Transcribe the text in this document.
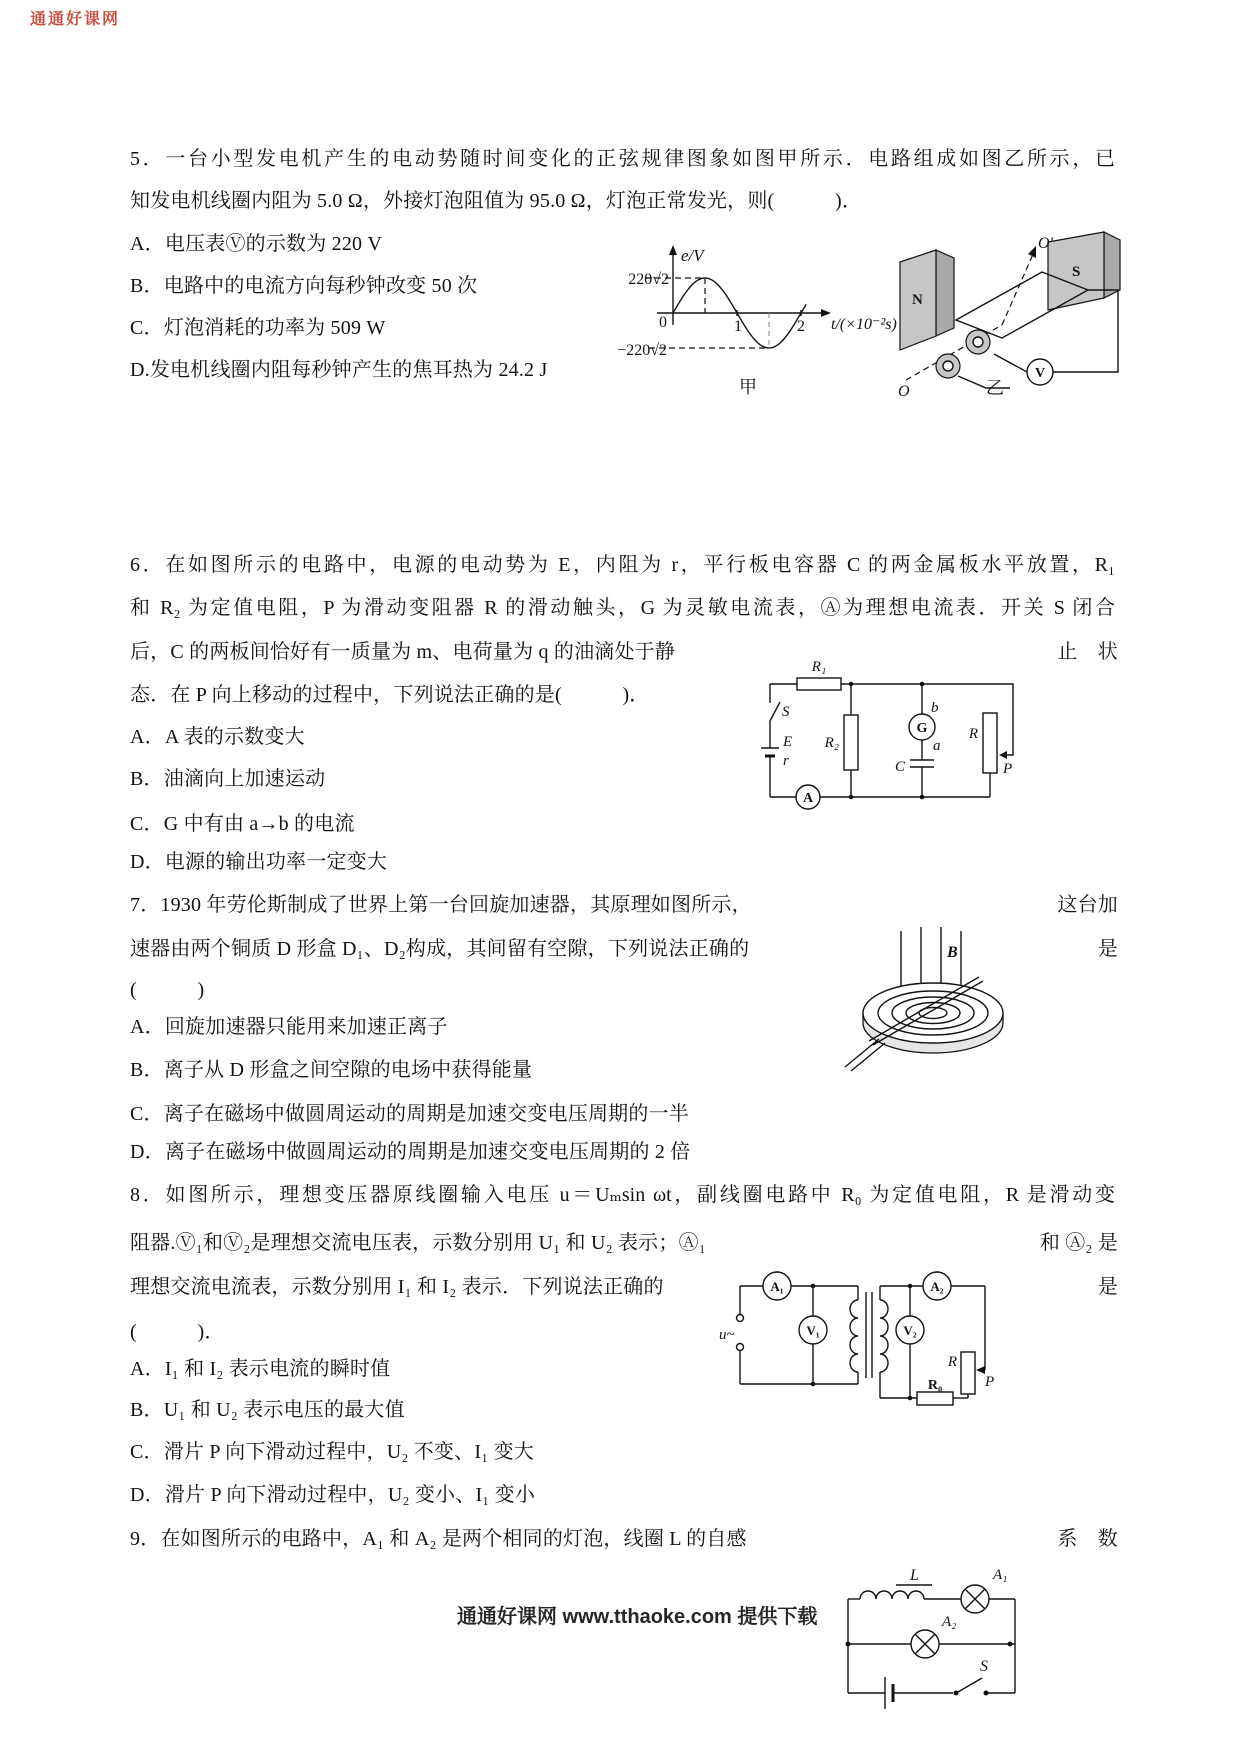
通通好课网
5．一台小型发电机产生的电动势随时间变化的正弦规律图象如图甲所示．电路组成如图乙所示，已
知发电机线圈内阻为 5.0 Ω，外接灯泡阻值为 95.0 Ω，灯泡正常发光，则(　　　)．
A．电压表Ⓥ的示数为 220 V
B．电路中的电流方向每秒钟改变 50 次
C．灯泡消耗的功率为 509 W
D.发电机线圈内阻每秒钟产生的焦耳热为 24.2 J
e/V
220√2
0
−220√2
1	2 t/(×10⁻²s)
甲
V
N
S
O′
O	乙
6．在如图所示的电路中，电源的电动势为 E，内阻为 r，平行板电容器 C 的两金属板水平放置，R₁
和 R₂ 为定值电阻，P 为滑动变阻器 R 的滑动触头，G 为灵敏电流表，Ⓐ为理想电流表．开关 S 闭合
后，C 的两板间恰好有一质量为 m、电荷量为 q 的油滴处于静	止　状
态．在 P 向上移动的过程中，下列说法正确的是(　　　)．
A．A 表的示数变大
B．油滴向上加速运动
C．G 中有由 a→b 的电流
D．电源的输出功率一定变大
R₁
S
E
r
R₂
G
b
a
C
R
P
A
7．1930 年劳伦斯制成了世界上第一台回旋加速器，其原理如图所示，	这台加
速器由两个铜质 D 形盒 D₁、D₂构成，其间留有空隙，下列说法正确的	是
(　　　)
A．回旋加速器只能用来加速正离子
B．离子从 D 形盒之间空隙的电场中获得能量
C．离子在磁场中做圆周运动的周期是加速交变电压周期的一半
D．离子在磁场中做圆周运动的周期是加速交变电压周期的 2 倍
B
8．如图所示，理想变压器原线圈输入电压 u＝Uₘsin ωt，副线圈电路中 R₀ 为定值电阻，R 是滑动变
阻器.Ⓥ₁和Ⓥ₂是理想交流电压表，示数分别用 U₁ 和 U₂ 表示；Ⓐ₁	和 Ⓐ₂ 是
理想交流电流表，示数分别用 I₁ 和 I₂ 表示．下列说法正确的	是
(　　　)．
A．I₁ 和 I₂ 表示电流的瞬时值
B．U₁ 和 U₂ 表示电压的最大值
C．滑片 P 向下滑动过程中，U₂ 不变、I₁ 变大
D．滑片 P 向下滑动过程中，U₂ 变小、I₁ 变小
u~
A₁
V₁
A₂
V₂
R
P
R₀
9．在如图所示的电路中，A₁ 和 A₂ 是两个相同的灯泡，线圈 L 的自感	系　数
通通好课网 www.tthaoke.com 提供下载
L	A₁
A₂
S
